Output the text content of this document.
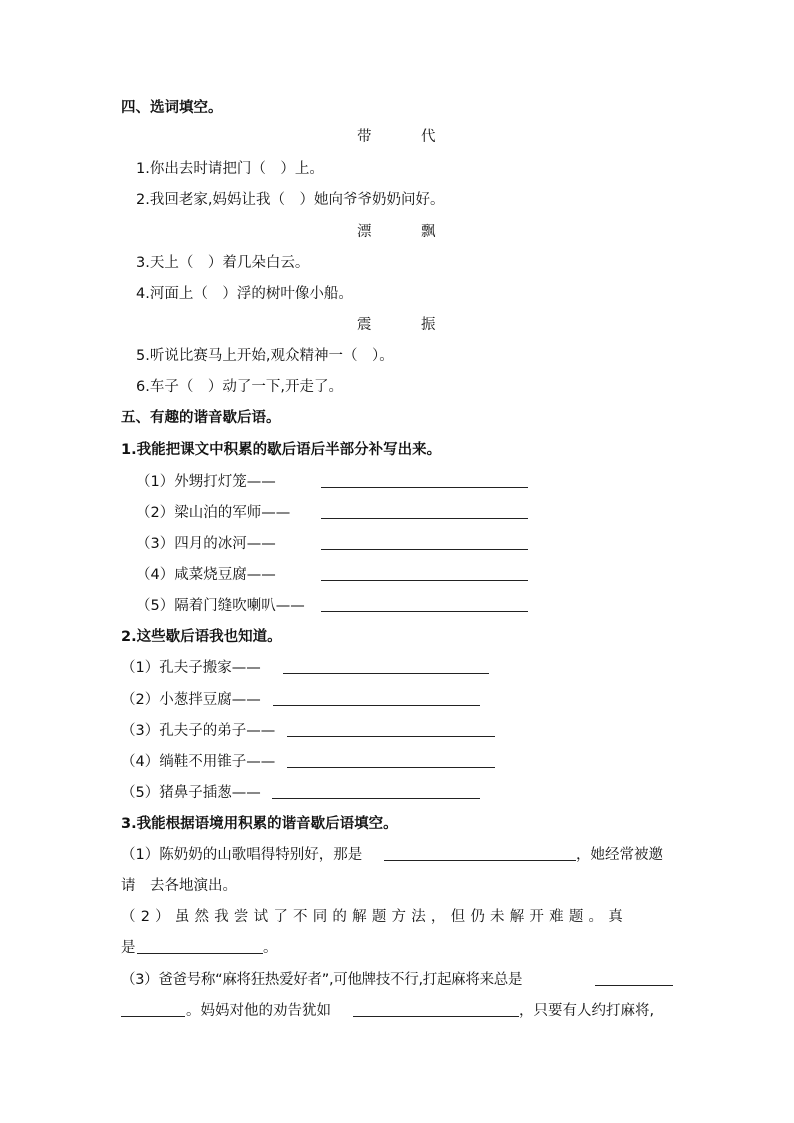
四、选词填空。
带	代
1.你出去时请把门（　）上。
2.我回老家,妈妈让我（　）她向爷爷奶奶问好。
漂	飘
3.天上（　）着几朵白云。
4.河面上（　）浮的树叶像小船。
震	振
5.听说比赛马上开始,观众精神一（　）。
6.车子（　）动了一下,开走了。
五、有趣的谐音歇后语。
1.我能把课文中积累的歇后语后半部分补写出来。
（1）外甥打灯笼——
（2）梁山泊的军师——
（3）四月的冰河——
（4）咸菜烧豆腐——
（5）隔着门缝吹喇叭——
2.这些歇后语我也知道。
（1）孔夫子搬家——
（2）小葱拌豆腐——
（3）孔夫子的弟子——
（4）绱鞋不用锥子——
（5）猪鼻子插葱——
3.我能根据语境用积累的谐音歇后语填空。
（1）陈奶奶的山歌唱得特别好，那是	，她经常被邀
请　去各地演出。
（2）虽然我尝试了不同的解题方法，但仍未解开难题。真
是	。
（3）爸爸号称“麻将狂热爱好者”,可他牌技不行,打起麻将来总是
。妈妈对他的劝告犹如	，只要有人约打麻将,
